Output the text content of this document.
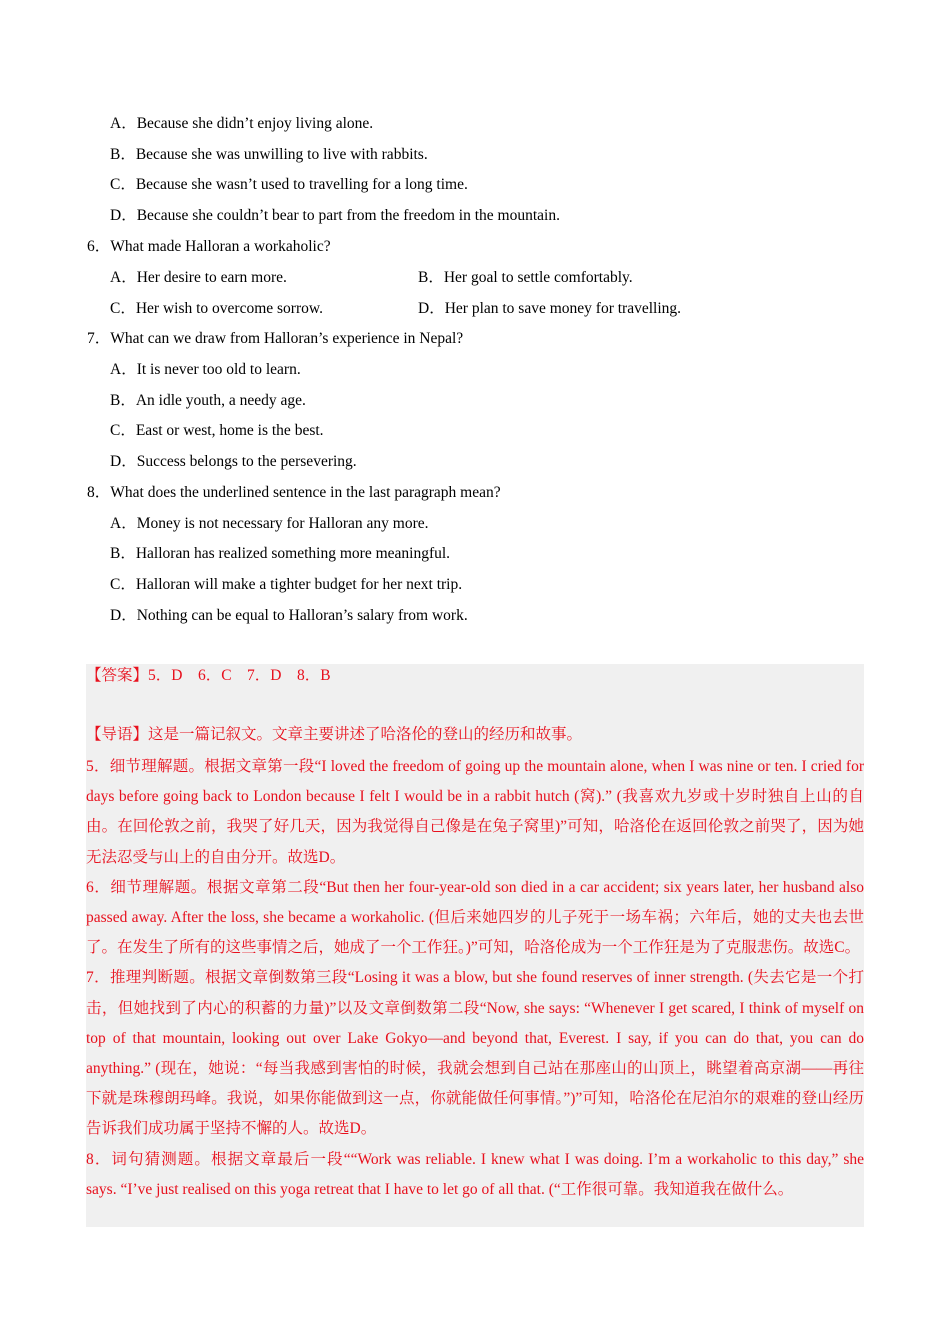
A．Because she didn’t enjoy living alone.
B．Because she was unwilling to live with rabbits.
C．Because she wasn’t used to travelling for a long time.
D．Because she couldn’t bear to part from the freedom in the mountain.
6．What made Halloran a workaholic?
A．Her desire to earn more.	B．Her goal to settle comfortably.
C．Her wish to overcome sorrow.	D．Her plan to save money for travelling.
7．What can we draw from Halloran’s experience in Nepal?
A．It is never too old to learn.
B．An idle youth, a needy age.
C．East or west, home is the best.
D．Success belongs to the persevering.
8．What does the underlined sentence in the last paragraph mean?
A．Money is not necessary for Halloran any more.
B．Halloran has realized something more meaningful.
C．Halloran will make a tighter budget for her next trip.
D．Nothing can be equal to Halloran’s salary from work.
【答案】5．D　6．C　7．D　8．B
【导语】这是一篇记叙文。文章主要讲述了哈洛伦的登山的经历和故事。

5．细节理解题。根据文章第一段“I loved the freedom of going up the mountain alone, when I was nine or ten. I cried for days before going back to London because I felt I would be in a rabbit hutch (窝).” (我喜欢九岁或十岁时独自上山的自由。在回伦敦之前，我哭了好几天，因为我觉得自己像是在兔子窝里)”可知，哈洛伦在返回伦敦之前哭了，因为她无法忍受与山上的自由分开。故选D。

6．细节理解题。根据文章第二段“But then her four-year-old son died in a car accident; six years later, her husband also passed away. After the loss, she became a workaholic. (但后来她四岁的儿子死于一场车祸；六年后，她的丈夫也去世了。在发生了所有的这些事情之后，她成了一个工作狂。)”可知，哈洛伦成为一个工作狂是为了克服悲伤。故选C。

7．推理判断题。根据文章倒数第三段“Losing it was a blow, but she found reserves of inner strength. (失去它是一个打击，但她找到了内心的积蓄的力量)”以及文章倒数第二段“Now, she says: “Whenever I get scared, I think of myself on top of that mountain, looking out over Lake Gokyo—and beyond that, Everest. I say, if you can do that, you can do anything.” (现在，她说：“每当我感到害怕的时候，我就会想到自己站在那座山的山顶上，眺望着高京湖——再往下就是珠穆朗玛峰。我说，如果你能做到这一点，你就能做任何事情。”)”可知，哈洛伦在尼泊尔的艰难的登山经历告诉我们成功属于坚持不懈的人。故选D。

8．词句猜测题。根据文章最后一段““Work was reliable. I knew what I was doing. I’m a workaholic to this day,” she says. “I’ve just realised on this yoga retreat that I have to let go of all that. (“工作很可靠。我知道我在做什么。
